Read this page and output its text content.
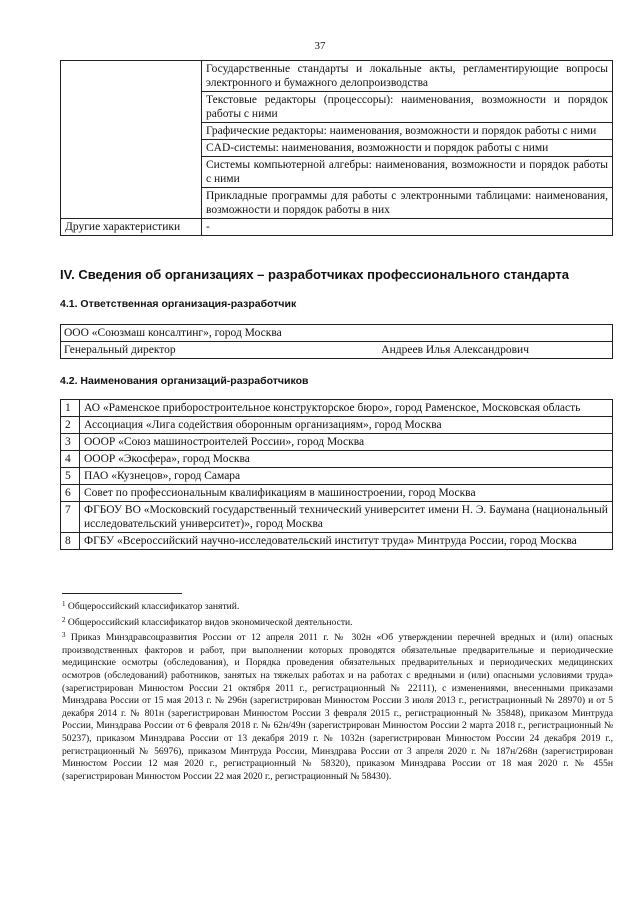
37
	Государственные стандарты и локальные акты, регламентирующие вопросы электронного и бумажного делопроизводства
	Текстовые редакторы (процессоры): наименования, возможности и порядок работы с ними
	Графические редакторы: наименования, возможности и порядок работы с ними
	CAD-системы: наименования, возможности и порядок работы с ними
	Системы компьютерной алгебры: наименования, возможности и порядок работы с ними
	Прикладные программы для работы с электронными таблицами: наименования, возможности и порядок работы в них
Другие характеристики	-
IV. Сведения об организациях – разработчиках профессионального стандарта
4.1. Ответственная организация-разработчик
ООО «Союзмаш консалтинг», город Москва

Генеральный директор	Андреев Илья Александрович
4.2. Наименования организаций-разработчиков
1	АО «Раменское приборостроительное конструкторское бюро», город Раменское, Московская область
2	Ассоциация «Лига содействия оборонным организациям», город Москва
3	ОООР «Союз машиностроителей России», город Москва
4	ОООР «Экосфера», город Москва
5	ПАО «Кузнецов», город Самара
6	Совет по профессиональным квалификациям в машиностроении, город Москва
7	ФГБОУ ВО «Московский государственный технический университет имени Н. Э. Баумана (национальный исследовательский университет)», город Москва
8	ФГБУ «Всероссийский научно-исследовательский институт труда» Минтруда России, город Москва

$^1$ Общероссийский классификатор занятий.

$^2$ Общероссийский классификатор видов экономической деятельности.

$^3$ Приказ Минздравсоцразвития России от 12 апреля 2011 г. № 302н «Об утверждении перечней вредных и (или) опасных производственных факторов и работ, при выполнении которых проводятся обязательные предварительные и периодические медицинские осмотры (обследования), и Порядка проведения обязательных предварительных и периодических медицинских осмотров (обследований) работников, занятых на тяжелых работах и на работах с вредными и (или) опасными условиями труда» (зарегистрирован Минюстом России 21 октября 2011 г., регистрационный № 22111), с изменениями, внесенными приказами Минздрава России от 15 мая 2013 г. № 296н (зарегистрирован Минюстом России 3 июля 2013 г., регистрационный № 28970) и от 5 декабря 2014 г. № 801н (зарегистрирован Минюстом России 3 февраля 2015 г., регистрационный № 35848), приказом Минтруда России, Минздрава России от 6 февраля 2018 г. № 62н/49н (зарегистрирован Минюстом России 2 марта 2018 г., регистрационный № 50237), приказом Минздрава России от 13 декабря 2019 г. № 1032н (зарегистрирован Минюстом России 24 декабря 2019 г., регистрационный № 56976), приказом Минтруда России, Минздрава России от 3 апреля 2020 г. № 187н/268н (зарегистрирован Минюстом России 12 мая 2020 г., регистрационный № 58320), приказом Минздрава России от 18 мая 2020 г. № 455н (зарегистрирован Минюстом России 22 мая 2020 г., регистрационный № 58430).
